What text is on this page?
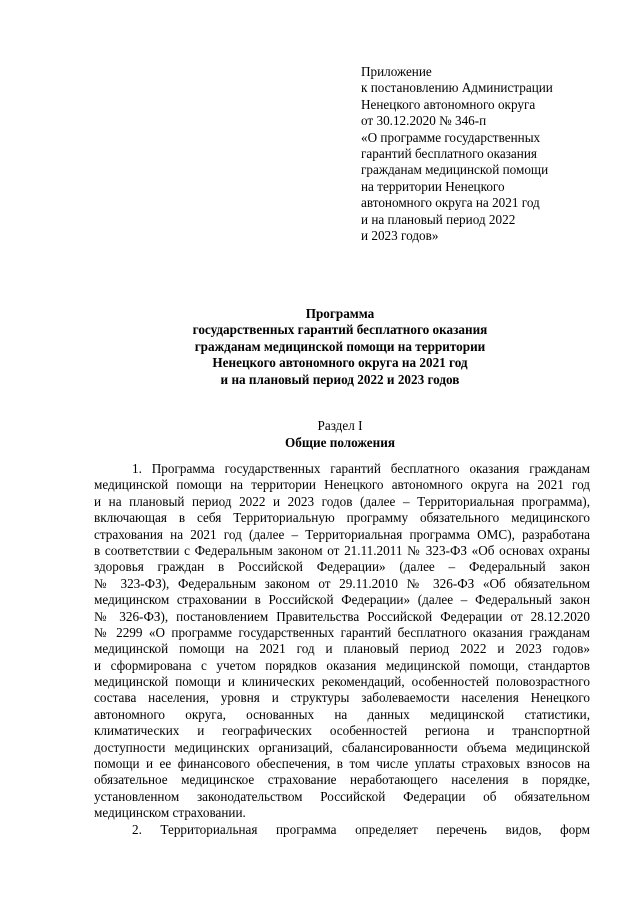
Приложение
к постановлению Администрации
Ненецкого автономного округа
от 30.12.2020 № 346-п
«О программе государственных
гарантий бесплатного оказания
гражданам медицинской помощи
на территории Ненецкого
автономного округа на 2021 год
и на плановый период 2022
и 2023 годов»
Программа
государственных гарантий бесплатного оказания
гражданам медицинской помощи на территории
Ненецкого автономного округа на 2021 год
и на плановый период 2022 и 2023 годов
Раздел I
Общие положения
1. Программа государственных гарантий бесплатного оказания гражданам
медицинской помощи на территории Ненецкого автономного округа на 2021 год
и на плановый период 2022 и 2023 годов (далее – Территориальная программа),
включающая в себя Территориальную программу обязательного медицинского
страхования на 2021 год (далее – Территориальная программа ОМС), разработана
в соответствии с Федеральным законом от 21.11.2011 № 323-ФЗ «Об основах охраны
здоровья граждан в Российской Федерации» (далее – Федеральный закон
№ 323-ФЗ), Федеральным законом от 29.11.2010 № 326-ФЗ «Об обязательном
медицинском страховании в Российской Федерации» (далее – Федеральный закон
№ 326-ФЗ), постановлением Правительства Российской Федерации от 28.12.2020
№ 2299 «О программе государственных гарантий бесплатного оказания гражданам
медицинской помощи на 2021 год и плановый период 2022 и 2023 годов»
и сформирована с учетом порядков оказания медицинской помощи, стандартов
медицинской помощи и клинических рекомендаций, особенностей половозрастного
состава населения, уровня и структуры заболеваемости населения Ненецкого
автономного округа, основанных на данных медицинской статистики,
климатических и географических особенностей региона и транспортной
доступности медицинских организаций, сбалансированности объема медицинской
помощи и ее финансового обеспечения, в том числе уплаты страховых взносов на
обязательное медицинское страхование неработающего населения в порядке,
установленном законодательством Российской Федерации об обязательном
медицинском страховании.
2. Территориальная программа определяет перечень видов, форм
